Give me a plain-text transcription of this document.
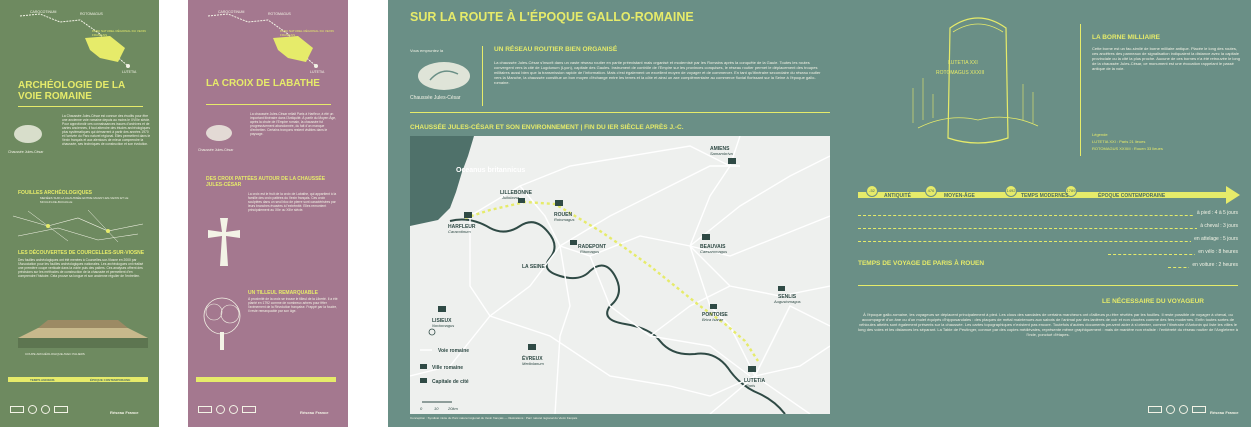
CAROCOTINUM	ROTOMAGUS
PARC NATUREL RÉGIONAL DU VEXIN FRANÇAIS
LUTETIA
ARCHÉOLOGIE DE LA VOIE ROMAINE
Chaussée Jules-César
La Chaussée Jules-César est connue des érudits pour être une ancienne voie romaine depuis au moins le XVIIIe siècle. Pour approfondir ces connaissances issues d'archives et de cartes anciennes, il faut attendre des études archéologiques plus systématiques qui démarrent à partir des années 1970 et l'arrivée du Parc naturel régional. Elles permettent dans le Vexin français et aux alentours de mieux comprendre la chaussée, ses techniques de construction et son évolution.
FOUILLES ARCHÉOLOGIQUES
MENÉES SUR LA CHAUSSÉE ENTRE MAGNY-EN-VEXIN ET LE MOULIN-DE-BUCAILLE
LES DÉCOUVERTES DE COURCELLES-SUR-VIOSNE
Des fouilles archéologiques ont été menées à Courcelles-sur-Viosne en 2000 par l'Association pour les fouilles archéologiques nationales. Les archéologues ont réalisé une première coupe verticale dans la voirie puis des paliers. Ces analyses offrent des précisions sur les méthodes de construction de la chaussée et permettent d'en comprendre l'histoire. Cela prouve sa longue et son ancienne régulier de l'entretien.
COUPE ARCHÉOLOGIQUE AVEC PALIERS
TEMPS ANCIENS	ÉPOQUE CONTEMPORAINE
Réseau France
CAROCOTINUM	ROTOMAGUS
PARC NATUREL RÉGIONAL DU VEXIN FRANÇAIS
LUTETIA
LA CROIX DE LABATHE
Chaussée Jules-César
La chaussée Jules-César reliait Paris à Harfleur, à été un important itinéraire dans l'Antiquité. À partir du Moyen Âge, après la chute de l'Empire romain, la chaussée fut progressivement abandonnée, du fait d'un manque d'entretien. Certains tronçons restent visibles dans le paysage.
DES CROIX PATTÉES AUTOUR DE LA CHAUSSÉE JULES-CÉSAR
La croix est le fruit de la croix de Labathe, qui appartient à la famille des croix pattées du Vexin français. Ces croix sculptées dans un seul bloc de pierre sont caractérisées par leurs branches évasées à l'extrémité. Elles remontent principalement au XIIe ou XIIIe siècle.
UN TILLEUL REMARQUABLE
À proximité de la croix se trouve le tilleul de la Liberté. Il a été planté en 1792 comme de nombreux arbres pour fêter l'avènement de la Révolution française. Frappé par la foudre, il reste remarquable par son âge.
Réseau France
SUR LA ROUTE À L'ÉPOQUE GALLO-ROMAINE
Vous empruntez la
Chaussée Jules-César
UN RÉSEAU ROUTIER BIEN ORGANISÉ
La chaussée Jules-César s'inscrit dans un vaste réseau routier en partie préexistant mais organisé et modernisé par les Romains après la conquête de la Gaule. Toutes les routes convergent vers la cité de Lugdunum (Lyon), capitale des Gaules. Instrument de contrôle de l'Empire sur les provinces conquises, le réseau routier permet le déplacement des troupes militaires aussi bien que la transmission rapide de l'information. Mais c'est également un excellent moyen de voyager et de commercer. En tant qu'itinéraire secondaire du réseau routier vers la Manche, la chaussée constitue un bon moyen d'échange entre les terres et la côte et ainsi un axe complémentaire au commerce fluvial florissant sur la Seine à l'époque gallo-romaine.
CHAUSSÉE JULES-CÉSAR ET SON ENVIRONNEMENT | FIN DU IER SIÈCLE APRÈS J.-C.
Oceanus britannicus
LA SEINE
HARFLEUR
Caracotinum
LILLEBONNE
Juliobona
ROUEN
Rotomagus
RADEPONT
Ritumagus
BEAUVAIS
Caesaromagus
AMIENS
Samarobriva
LISIEUX
Noviomagus
ÉVREUX
Mediolanum
PONTOISE
Briva Isarae
SENLIS
Augustomagus
LUTETIA
Paris
Voie romaine
Ville romaine
Capitale de cité
0	10 20km
LUTETIA XXI
ROTOMAGUS XXXIII
LA BORNE MILLIAIRE
Cette borne est un fac-similé de borne milliaire antique. Placée le long des routes, ces ancêtres des panneaux de signalisation indiquaient la distance avec la capitale provinciale ou la cité la plus proche. Aucune de ces bornes n'a été retrouvée le long de la chaussée Jules-César, ce monument est une évocation rappelant le passé antique de la voie.
Légende
LUTETIA XXI : Paris 21 lieues
ROTOMAGUS XXXIII : Rouen 33 lieues
-52	476	1492	1789
ANTIQUITÉ	MOYEN-ÂGE	TEMPS MODERNES	ÉPOQUE CONTEMPORAINE
à pied : 4 à 5 jours
à cheval : 3 jours
en attelage : 5 jours
en vélo : 8 heures
en voiture : 2 heures
TEMPS DE VOYAGE DE PARIS À ROUEN
LE NÉCESSAIRE DU VOYAGEUR
À l'époque gallo-romaine, les voyageurs se déplacent principalement à pied. Les clous des sandales de certains marcheurs ont d'ailleurs pu être révélés par les fouilles. Il reste possible de voyager à cheval, ou accompagné d'un âne ou d'un mulet équipés d'hipposandales : des plaques de métal maintenues aux sabots de l'animal par des lanières de cuir et non clouées comme des fers modernes. Enfin toutes sortes de véhicules attelés sont également présents sur la chaussée. Les cartes topographiques n'existent pas encore. Toutefois d'autres documents peuvent aider à s'orienter, comme l'itinéraire d'Antonin qui liste les villes le long des voies et les distances les séparant. La Table de Peutinger, connue par des copies médiévales, représente même graphiquement : mais de manière non réaliste : l'entièreté du réseau routier de l'Angleterre à l'Inde, ponctué d'étapes.
Conception : Syndicat mixte du Parc naturel régional du Vexin français — Illustrations : Parc naturel régional du Vexin français
Réseau France
